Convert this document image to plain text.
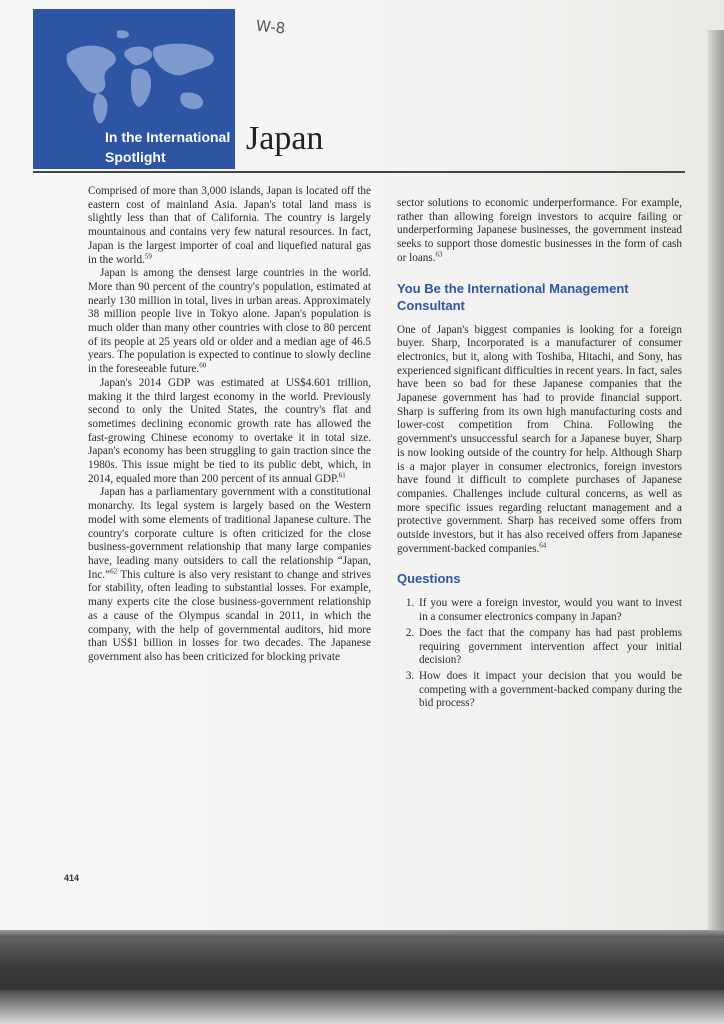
W-8
In the International
Spotlight	Japan

Comprised of more than 3,000 islands, Japan is located off the eastern cost of mainland Asia. Japan's total land mass is slightly less than that of California. The country is largely mountainous and contains very few natural resources. In fact, Japan is the largest importer of coal and liquefied natural gas in the world.$^{59}$

Japan is among the densest large countries in the world. More than 90 percent of the country's population, estimated at nearly 130 million in total, lives in urban areas. Approximately 38 million people live in Tokyo alone. Japan's population is much older than many other countries with close to 80 percent of its people at 25 years old or older and a median age of 46.5 years. The population is expected to continue to slowly decline in the foreseeable future.$^{60}$

Japan's 2014 GDP was estimated at US$4.601 trillion, making it the third largest economy in the world. Previously second to only the United States, the country's flat and sometimes declining economic growth rate has allowed the fast-growing Chinese economy to overtake it in total size. Japan's economy has been struggling to gain traction since the 1980s. This issue might be tied to its public debt, which, in 2014, equaled more than 200 percent of its annual GDP.$^{61}$

Japan has a parliamentary government with a constitutional monarchy. Its legal system is largely based on the Western model with some elements of traditional Japanese culture. The country's corporate culture is often criticized for the close business-government relationship that many large companies have, leading many outsiders to call the relationship “Japan, Inc.”$^{62}$ This culture is also very resistant to change and strives for stability, often leading to substantial losses. For example, many experts cite the close business-government relationship as a cause of the Olympus scandal in 2011, in which the company, with the help of governmental auditors, hid more than US$1 billion in losses for two decades. The Japanese government also has been criticized for blocking private

sector solutions to economic underperformance. For example, rather than allowing foreign investors to acquire failing or underperforming Japanese businesses, the government instead seeks to support those domestic businesses in the form of cash or loans.$^{63}$

You Be the International Management Consultant

One of Japan's biggest companies is looking for a foreign buyer. Sharp, Incorporated is a manufacturer of consumer electronics, but it, along with Toshiba, Hitachi, and Sony, has experienced significant difficulties in recent years. In fact, sales have been so bad for these Japanese companies that the Japanese government has had to provide financial support. Sharp is suffering from its own high manufacturing costs and lower-cost competition from China. Following the government's unsuccessful search for a Japanese buyer, Sharp is now looking outside of the country for help. Although Sharp is a major player in consumer electronics, foreign investors have found it difficult to complete purchases of Japanese companies. Challenges include cultural concerns, as well as more specific issues regarding reluctant management and a protective government. Sharp has received some offers from outside investors, but it has also received offers from Japanese government-backed companies.$^{64}$

Questions
1. If you were a foreign investor, would you want to invest in a consumer electronics company in Japan?
2. Does the fact that the company has had past problems requiring government intervention affect your initial decision?
3. How does it impact your decision that you would be competing with a government-backed company during the bid process?
414
